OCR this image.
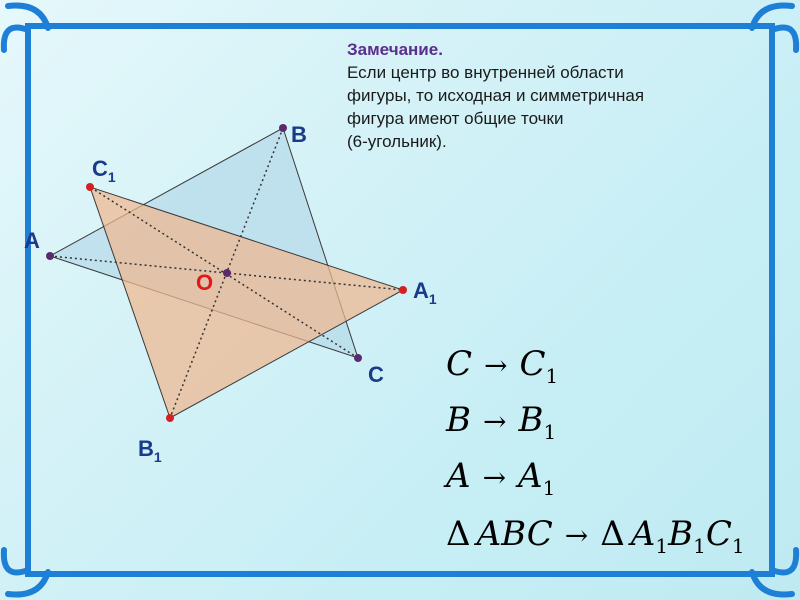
A
B
C
O	$A_1$
$B_1$
$C_1$
Замечание.
Если центр во внутренней области
фигуры, то исходная и симметричная
фигура имеют общие точки
(6-угольник).
$C \to C_1$
$B \to B_1$
$A \to A_1$
Δ ABC → Δ $A_1B_1C_1$
